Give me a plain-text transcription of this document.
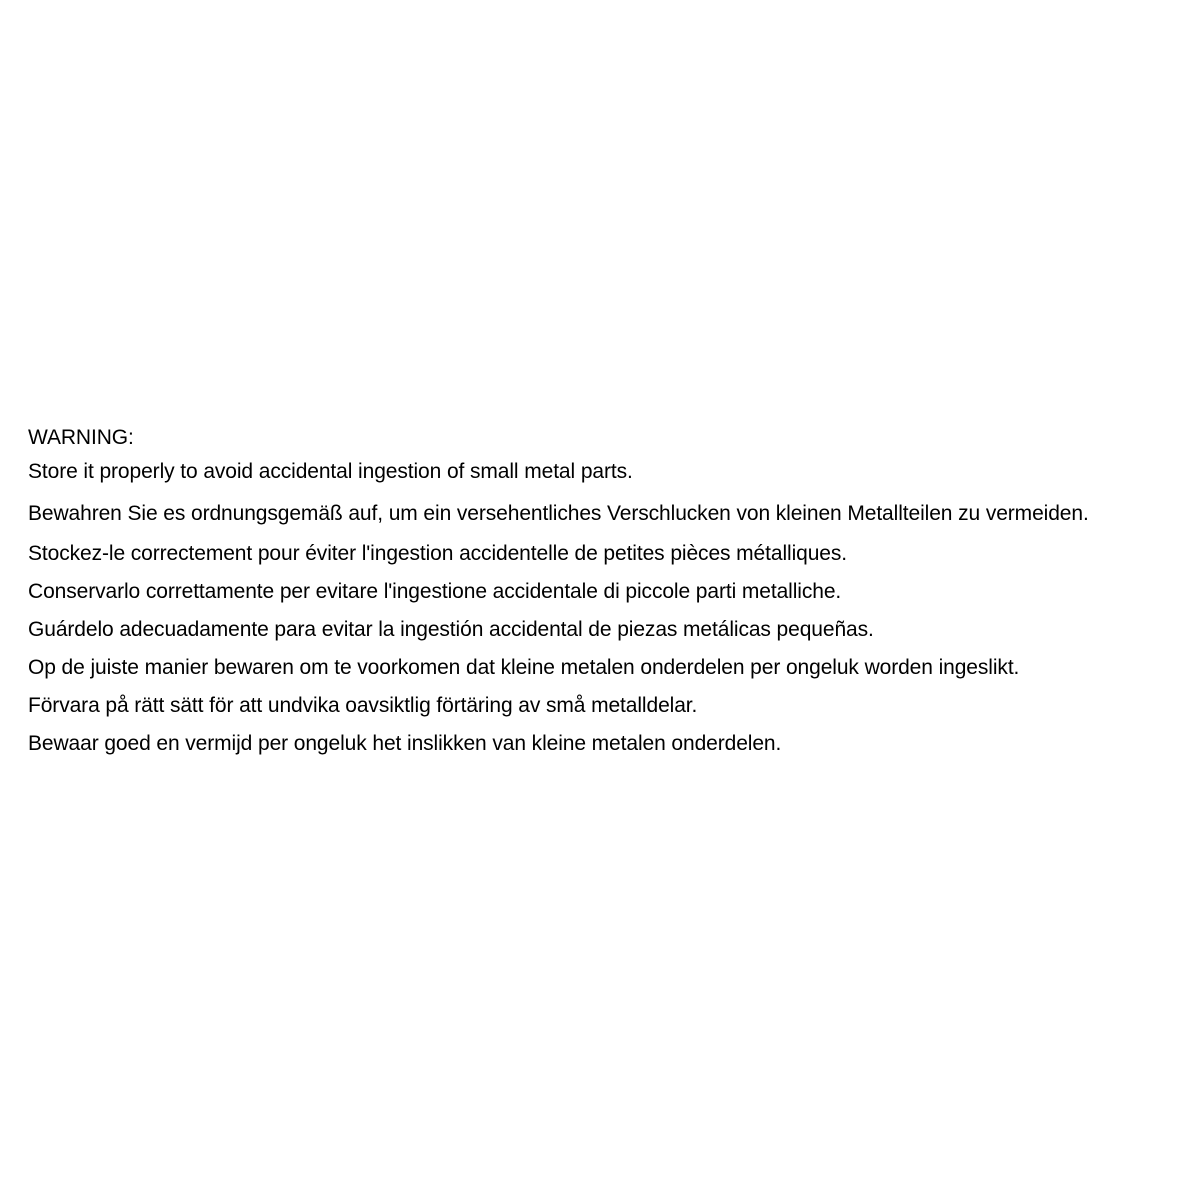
WARNING:
Store it properly to avoid accidental ingestion of small metal parts.
Bewahren Sie es ordnungsgemäß auf, um ein versehentliches Verschlucken von kleinen Metallteilen zu vermeiden.
Stockez-le correctement pour éviter l'ingestion accidentelle de petites pièces métalliques.
Conservarlo correttamente per evitare l'ingestione accidentale di piccole parti metalliche.
Guárdelo adecuadamente para evitar la ingestión accidental de piezas metálicas pequeñas.
Op de juiste manier bewaren om te voorkomen dat kleine metalen onderdelen per ongeluk worden ingeslikt.
Förvara på rätt sätt för att undvika oavsiktlig förtäring av små metalldelar.
Bewaar goed en vermijd per ongeluk het inslikken van kleine metalen onderdelen.
